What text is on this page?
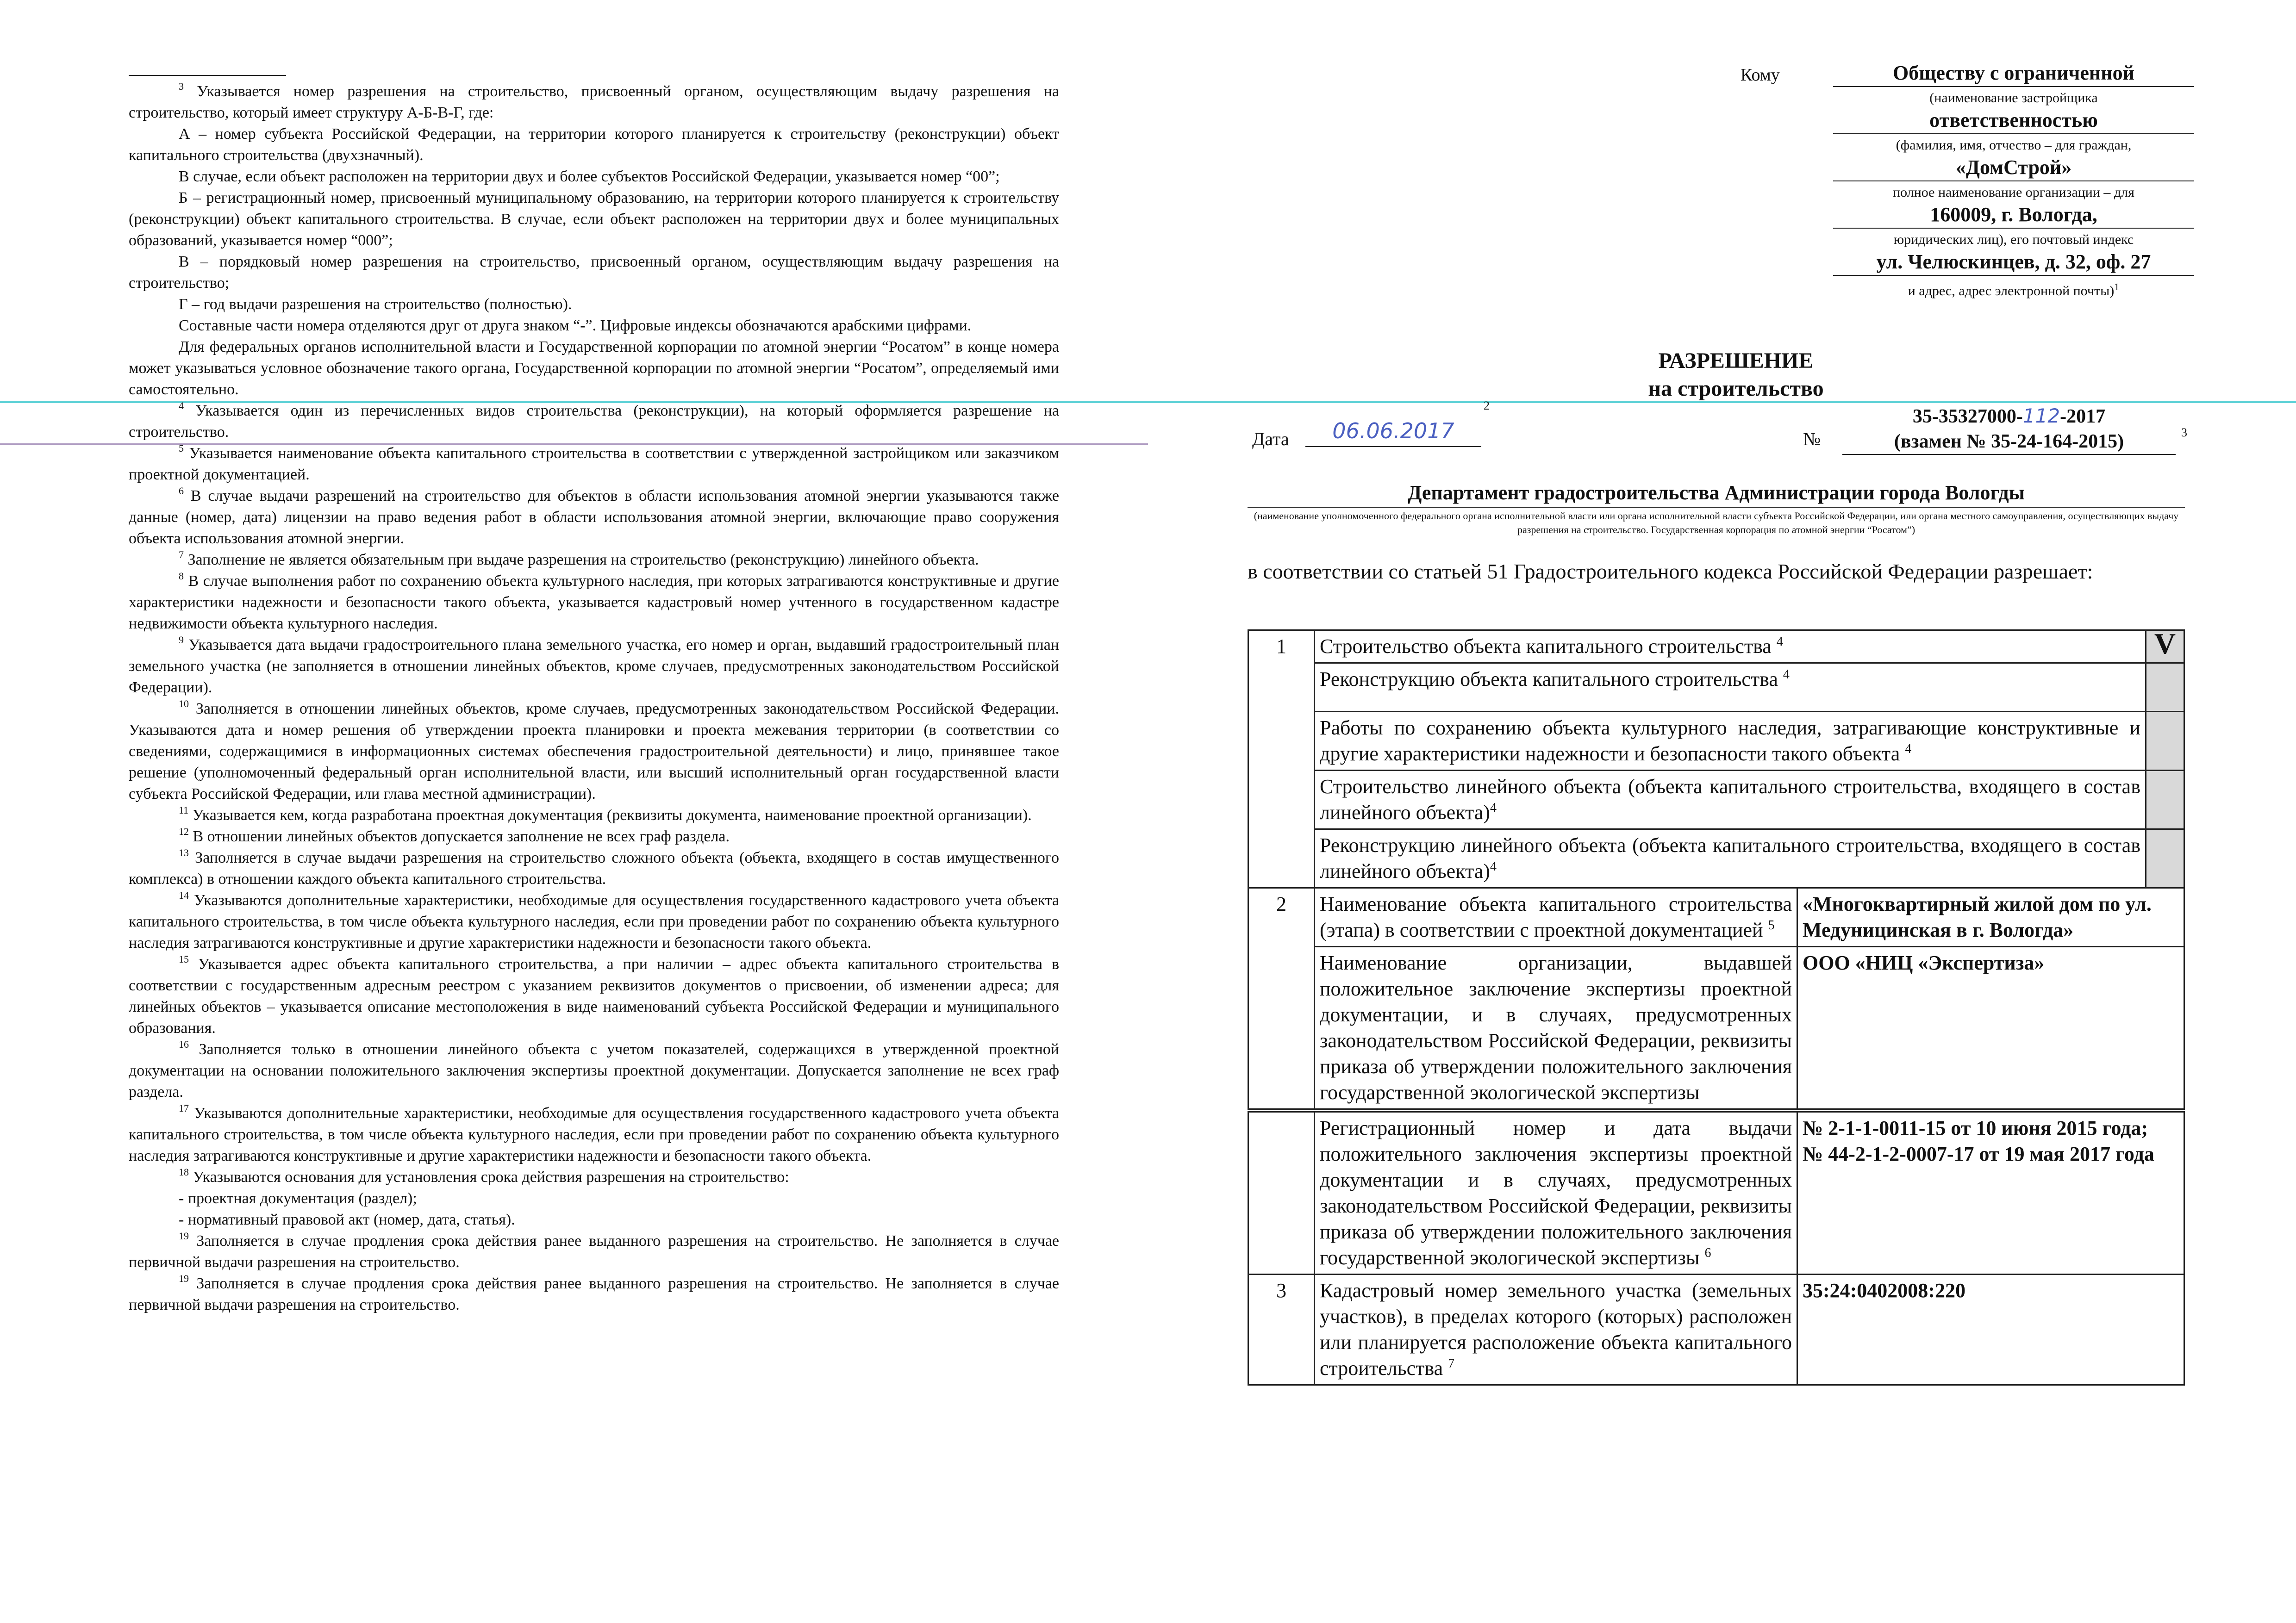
$^3$ Указывается номер разрешения на строительство, присвоенный органом, осуществляющим выдачу разрешения на строительство, который имеет структуру А-Б-В-Г, где:

А – номер субъекта Российской Федерации, на территории которого планируется к строительству (реконструкции) объект капитального строительства (двухзначный).

В случае, если объект расположен на территории двух и более субъектов Российской Федерации, указывается номер “00”;

Б – регистрационный номер, присвоенный муниципальному образованию, на территории которого планируется к строительству (реконструкции) объект капитального строительства. В случае, если объект расположен на территории двух и более муниципальных образований, указывается номер “000”;

В – порядковый номер разрешения на строительство, присвоенный органом, осуществляющим выдачу разрешения на строительство;

Г – год выдачи разрешения на строительство (полностью).

Составные части номера отделяются друг от друга знаком “-”. Цифровые индексы обозначаются арабскими цифрами.

Для федеральных органов исполнительной власти и Государственной корпорации по атомной энергии “Росатом” в конце номера может указываться условное обозначение такого органа, Государственной корпорации по атомной энергии “Росатом”, определяемый ими самостоятельно.

$^4$ Указывается один из перечисленных видов строительства (реконструкции), на который оформляется разрешение на строительство.

$^5$ Указывается наименование объекта капитального строительства в соответствии с утвержденной застройщиком или заказчиком проектной документацией.

$^6$ В случае выдачи разрешений на строительство для объектов в области использования атомной энергии указываются также данные (номер, дата) лицензии на право ведения работ в области использования атомной энергии, включающие право сооружения объекта использования атомной энергии.

$^7$ Заполнение не является обязательным при выдаче разрешения на строительство (реконструкцию) линейного объекта.

$^8$ В случае выполнения работ по сохранению объекта культурного наследия, при которых затрагиваются конструктивные и другие характеристики надежности и безопасности такого объекта, указывается кадастровый номер учтенного в государственном кадастре недвижимости объекта культурного наследия.

$^9$ Указывается дата выдачи градостроительного плана земельного участка, его номер и орган, выдавший градостроительный план земельного участка (не заполняется в отношении линейных объектов, кроме случаев, предусмотренных законодательством Российской Федерации).

$^{10}$ Заполняется в отношении линейных объектов, кроме случаев, предусмотренных законодательством Российской Федерации. Указываются дата и номер решения об утверждении проекта планировки и проекта межевания территории (в соответствии со сведениями, содержащимися в информационных системах обеспечения градостроительной деятельности) и лицо, принявшее такое решение (уполномоченный федеральный орган исполнительной власти, или высший исполнительный орган государственной власти субъекта Российской Федерации, или глава местной администрации).

$^{11}$ Указывается кем, когда разработана проектная документация (реквизиты документа, наименование проектной организации).

$^{12}$ В отношении линейных объектов допускается заполнение не всех граф раздела.

$^{13}$ Заполняется в случае выдачи разрешения на строительство сложного объекта (объекта, входящего в состав имущественного комплекса) в отношении каждого объекта капитального строительства.

$^{14}$ Указываются дополнительные характеристики, необходимые для осуществления государственного кадастрового учета объекта капитального строительства, в том числе объекта культурного наследия, если при проведении работ по сохранению объекта культурного наследия затрагиваются конструктивные и другие характеристики надежности и безопасности такого объекта.

$^{15}$ Указывается адрес объекта капитального строительства, а при наличии – адрес объекта капитального строительства в соответствии с государственным адресным реестром с указанием реквизитов документов о присвоении, об изменении адреса; для линейных объектов – указывается описание местоположения в виде наименований субъекта Российской Федерации и муниципального образования.

$^{16}$ Заполняется только в отношении линейного объекта с учетом показателей, содержащихся в утвержденной проектной документации на основании положительного заключения экспертизы проектной документации. Допускается заполнение не всех граф раздела.

$^{17}$ Указываются дополнительные характеристики, необходимые для осуществления государственного кадастрового учета объекта капитального строительства, в том числе объекта культурного наследия, если при проведении работ по сохранению объекта культурного наследия затрагиваются конструктивные и другие характеристики надежности и безопасности такого объекта.

$^{18}$ Указываются основания для установления срока действия разрешения на строительство:

- проектная документация (раздел);

- нормативный правовой акт (номер, дата, статья).

$^{19}$ Заполняется в случае продления срока действия ранее выданного разрешения на строительство. Не заполняется в случае первичной выдачи разрешения на строительство.

$^{19}$ Заполняется в случае продления срока действия ранее выданного разрешения на строительство. Не заполняется в случае первичной выдачи разрешения на строительство.

Кому	Обществу с ограниченной
(наименование застройщика
ответственностью
(фамилия, имя, отчество – для граждан,
«ДомСтрой»
полное наименование организации – для
160009, г. Вологда,
юридических лиц), его почтовый индекс
ул. Челюскинцев, д. 32, оф. 27
и адрес, адрес электронной почты)$^1$
РАЗРЕШЕНИЕ
на строительство
Дата	06.06.2017
2
№
35-35327000-112-2017
(взамен № 35-24-164-2015)	3
Департамент градостроительства Администрации города Вологды
(наименование уполномоченного федерального органа исполнительной власти или органа исполнительной власти субъекта Российской Федерации, или органа местного самоуправления, осуществляющих выдачу разрешения на строительство. Государственная корпорация по атомной энергии “Росатом”)
в соответствии со статьей 51 Градостроительного кодекса Российской Федерации разрешает:
1	Строительство объекта капитального строительства $^4$		V
	Реконструкцию объекта капитального строительства $^4$	
	Работы по сохранению объекта культурного наследия, затрагивающие конструктивные и другие характеристики надежности и безопасности такого объекта $^4$	
	Строительство линейного объекта (объекта капитального строительства, входящего в состав линейного объекта)$^4$	
	Реконструкцию линейного объекта (объекта капитального строительства, входящего в состав линейного объекта)$^4$	
2	Наименование объекта капитального строительства (этапа) в соответствии с проектной документацией $^5$	«Многоквартирный жилой дом по ул. Медуницинская в г. Вологда»	
	Наименование организации, выдавшей положительное заключение экспертизы проектной документации, и в случаях, предусмотренных законодательством Российской Федерации, реквизиты приказа об утверждении положительного заключения государственной экологической экспертизы	ООО «НИЦ «Экспертиза»	
	Регистрационный номер и дата выдачи положительного заключения экспертизы проектной документации и в случаях, предусмотренных законодательством Российской Федерации, реквизиты приказа об утверждении положительного заключения государственной экологической экспертизы $^6$	№ 2-1-1-0011-15 от 10 июня 2015 года;
№ 44-2-1-2-0007-17 от 19 мая 2017 года	

3	Кадастровый номер земельного участка (земельных участков), в пределах которого (которых) расположен или планируется расположение объекта капитального строительства $^7$	35:24:0402008:220	
